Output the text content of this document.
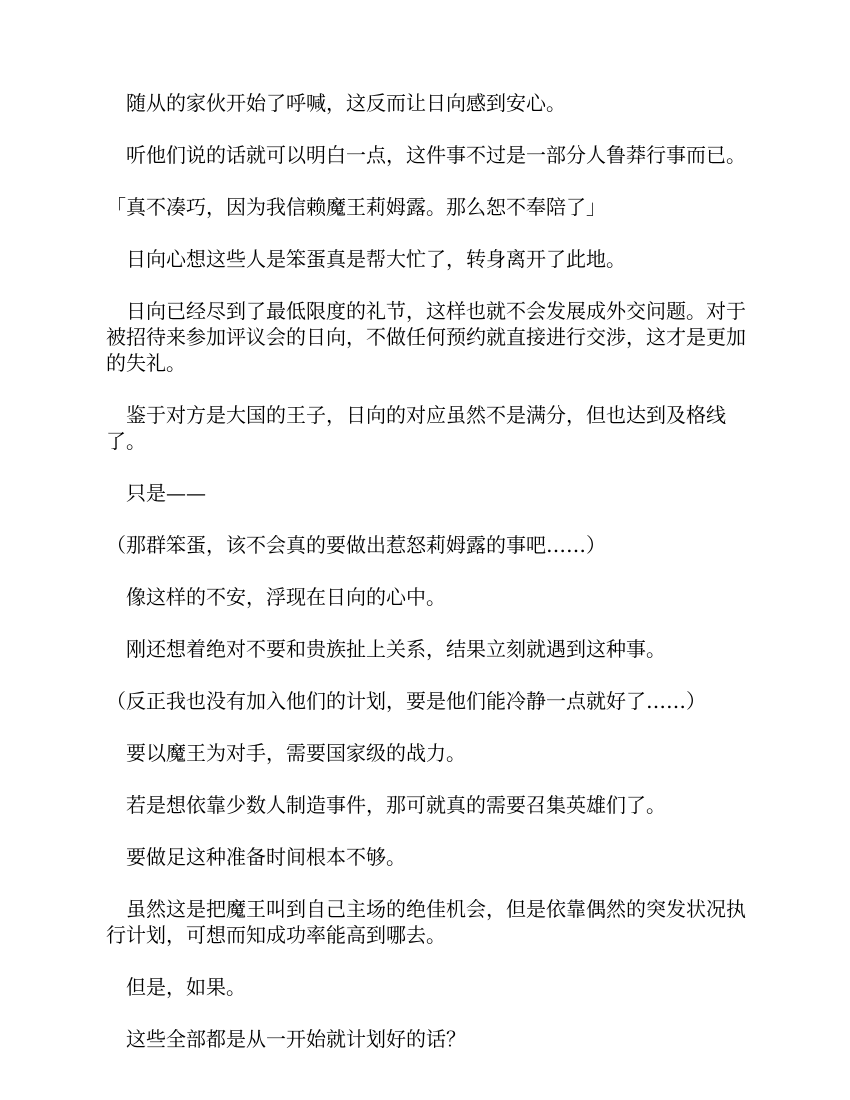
随从的家伙开始了呼喊，这反而让日向感到安心。

听他们说的话就可以明白一点，这件事不过是一部分人鲁莽行事而已。

「真不凑巧，因为我信赖魔王莉姆露。那么恕不奉陪了」

日向心想这些人是笨蛋真是帮大忙了，转身离开了此地。

日向已经尽到了最低限度的礼节，这样也就不会发展成外交问题。对于被招待来参加评议会的日向，不做任何预约就直接进行交涉，这才是更加的失礼。

鉴于对方是大国的王子，日向的对应虽然不是满分，但也达到及格线了。

只是——

（那群笨蛋，该不会真的要做出惹怒莉姆露的事吧……）

像这样的不安，浮现在日向的心中。

刚还想着绝对不要和贵族扯上关系，结果立刻就遇到这种事。

（反正我也没有加入他们的计划，要是他们能冷静一点就好了……）

要以魔王为对手，需要国家级的战力。

若是想依靠少数人制造事件，那可就真的需要召集英雄们了。

要做足这种准备时间根本不够。

虽然这是把魔王叫到自己主场的绝佳机会，但是依靠偶然的突发状况执行计划，可想而知成功率能高到哪去。

但是，如果。

这些全部都是从一开始就计划好的话？
